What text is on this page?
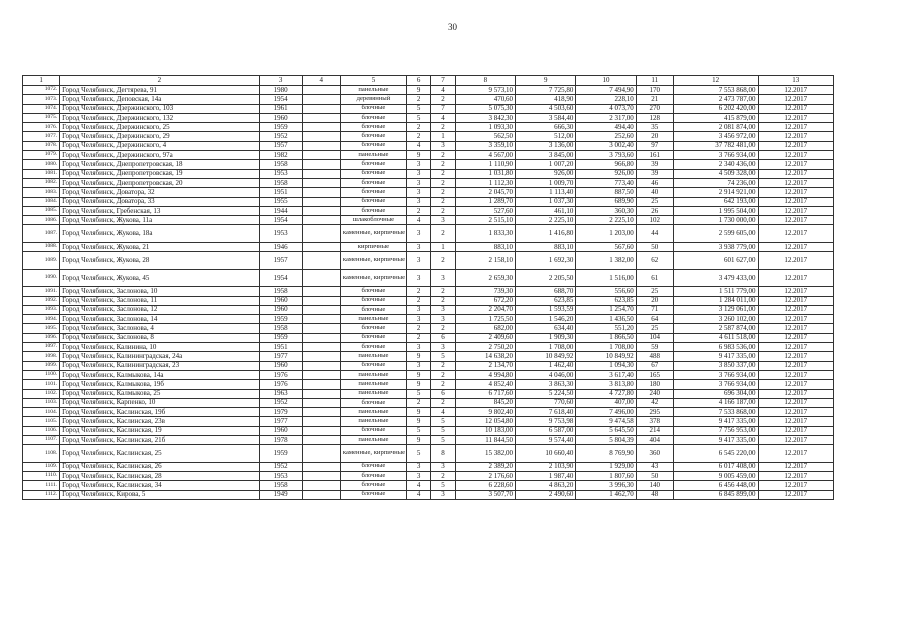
30
1	2	3	4	5	6	7	8	9	10	11	12	13
1072.	Город Челябинск, Дегтярева, 91	1980		панельные	9	4	9 573,10	7 725,80	7 494,90	170	7 553 868,00	12.2017
1073.	Город Челябинск, Деповская, 14а	1954		деревянный	2	2	470,60	418,90	228,10	21	2 473 787,00	12.2017
1074.	Город Челябинск, Дзержинского, 103	1961		блочные	5	7	5 075,30	4 503,60	4 073,70	270	6 202 420,00	12.2017
1075.	Город Челябинск, Дзержинского, 132	1960		блочные	5	4	3 842,30	3 584,40	2 317,00	128	415 879,00	12.2017
1076.	Город Челябинск, Дзержинского, 25	1959		блочные	2	2	1 093,30	666,30	494,40	35	2 081 874,00	12.2017
1077.	Город Челябинск, Дзержинского, 29	1952		блочные	2	1	562,50	512,00	252,60	20	3 456 972,00	12.2017
1078.	Город Челябинск, Дзержинского, 4	1957		блочные	4	3	3 359,10	3 136,00	3 002,40	97	37 782 481,00	12.2017
1079.	Город Челябинск, Дзержинского, 97а	1982		панельные	9	2	4 567,00	3 845,00	3 793,60	161	3 766 934,00	12.2017
1080.	Город Челябинск, Днепропетровская, 18	1958		блочные	3	2	1 110,90	1 007,20	966,80	39	2 340 436,00	12.2017
1081.	Город Челябинск, Днепропетровская, 19	1953		блочные	3	2	1 031,80	926,00	926,00	39	4 509 328,00	12.2017
1082.	Город Челябинск, Днепропетровская, 20	1958		блочные	3	2	1 112,30	1 009,70	773,40	46	74 236,00	12.2017
1083.	Город Челябинск, Доватора, 32	1951		блочные	3	2	2 045,70	1 113,40	887,50	40	2 914 921,00	12.2017
1084.	Город Челябинск, Доватора, 33	1955		блочные	3	2	1 289,70	1 037,30	689,90	25	642 193,00	12.2017
1085.	Город Челябинск, Гребенская, 13	1944		блочные	2	2	527,60	461,10	360,30	26	1 995 504,00	12.2017
1086.	Город Челябинск, Жукова, 11а	1954		шлакоблочные	4	3	2 515,10	2 225,10	2 225,10	102	1 730 000,00	12.2017
1087.	Город Челябинск, Жукова, 18а	1953		каменные, кирпичные	3	2	1 833,30	1 416,80	1 203,00	44	2 599 605,00	12.2017
1088.	Город Челябинск, Жукова, 21	1946		кирпичные	3	1	883,10	883,10	567,60	50	3 938 779,00	12.2017
1089.	Город Челябинск, Жукова, 28	1957		каменные, кирпичные	3	2	2 158,10	1 692,30	1 382,00	62	601 627,00	12.2017
1090.	Город Челябинск, Жукова, 45	1954		каменные, кирпичные	3	3	2 659,30	2 205,50	1 516,00	61	3 479 433,00	12.2017
1091.	Город Челябинск, Заслонова, 10	1958		блочные	2	2	739,30	688,70	556,60	25	1 511 779,00	12.2017
1092.	Город Челябинск, Заслонова, 11	1960		блочные	2	2	672,20	623,85	623,85	20	1 284 011,00	12.2017
1093.	Город Челябинск, Заслонова, 12	1960		блочные	3	3	2 204,70	1 593,59	1 254,70	71	3 129 061,00	12.2017
1094.	Город Челябинск, Заслонова, 14	1959		панельные	3	3	1 725,50	1 546,20	1 436,50	64	3 260 102,00	12.2017
1095.	Город Челябинск, Заслонова, 4	1958		блочные	2	2	682,00	634,40	551,20	25	2 587 874,00	12.2017
1096.	Город Челябинск, Заслонова, 8	1959		блочные	2	6	2 409,60	1 909,30	1 866,50	104	4 611 518,00	12.2017
1097.	Город Челябинск, Калинина, 10	1951		блочные	3	3	2 750,20	1 708,00	1 708,00	59	6 983 536,00	12.2017
1098.	Город Челябинск, Калининградская, 24а	1977		панельные	9	5	14 638,20	10 849,92	10 849,92	488	9 417 335,00	12.2017
1099.	Город Челябинск, Калининградская, 23	1960		блочные	3	2	2 134,70	1 462,40	1 094,30	67	3 850 337,00	12.2017
1100.	Город Челябинск, Калмыкова, 14а	1976		панельные	9	2	4 994,80	4 046,00	3 617,40	165	3 766 934,00	12.2017
1101.	Город Челябинск, Калмыкова, 19б	1976		панельные	9	2	4 852,40	3 863,30	3 813,80	180	3 766 934,00	12.2017
1102.	Город Челябинск, Калмыкова, 25	1963		панельные	5	6	6 717,60	5 224,50	4 727,80	240	696 304,00	12.2017
1103.	Город Челябинск, Карпенко, 10	1952		блочные	2	2	845,20	770,60	407,00	42	4 166 187,00	12.2017
1104.	Город Челябинск, Каслинская, 19б	1979		панельные	9	4	9 802,40	7 618,40	7 496,00	295	7 533 868,00	12.2017
1105.	Город Челябинск, Каслинская, 23в	1977		панельные	9	5	12 054,80	9 753,98	9 474,58	378	9 417 335,00	12.2017
1106.	Город Челябинск, Каслинская, 19	1960		блочные	5	5	10 183,00	6 587,00	5 645,50	214	7 756 953,00	12.2017
1107.	Город Челябинск, Каслинская, 21б	1978		панельные	9	5	11 844,50	9 574,40	5 804,39	404	9 417 335,00	12.2017
1108.	Город Челябинск, Каслинская, 25	1959		каменные, кирпичные	5	8	15 382,00	10 660,40	8 769,90	360	6 545 220,00	12.2017
1109.	Город Челябинск, Каслинская, 26	1952		блочные	3	3	2 389,20	2 103,90	1 929,00	43	6 017 408,00	12.2017
1110.	Город Челябинск, Каслинская, 28	1953		блочные	3	2	2 176,60	1 987,40	1 807,60	50	9 005 459,00	12.2017
1111.	Город Челябинск, Каслинская, 34	1958		блочные	4	5	6 228,60	4 863,20	3 996,30	140	6 456 448,00	12.2017
1112.	Город Челябинск, Кирова, 5	1949		блочные	4	3	3 507,70	2 490,60	1 462,70	48	6 845 899,00	12.2017
